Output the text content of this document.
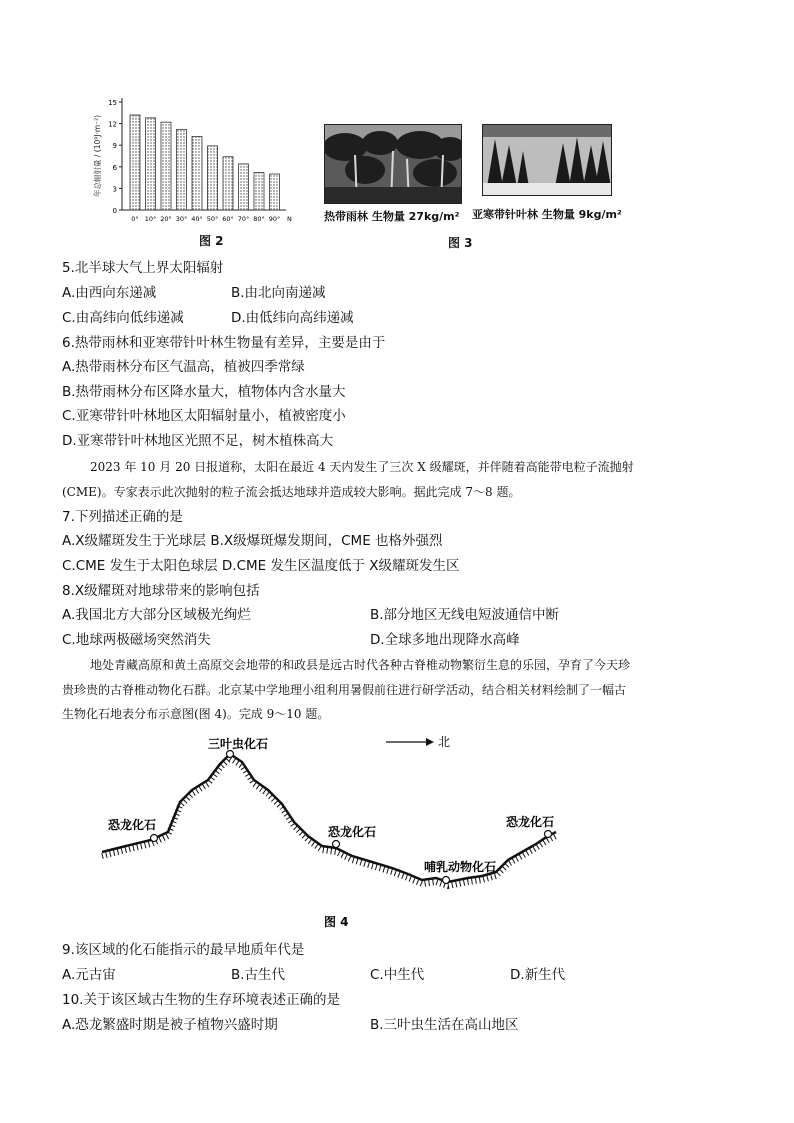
年总辐射量 / (10⁹J·m⁻²)
0
3
6
9
12
15
0° 10° 20° 30° 40° 50° 60° 70° 80° 90° N
图 2
热带雨林 生物量 27kg/m² 亚寒带针叶林 生物量 9kg/m²
图 3
5.北半球大气上界太阳辐射
A.由西向东递减	B.由北向南递减
C.由高纬向低纬递减	D.由低纬向高纬递减
6.热带雨林和亚寒带针叶林生物量有差异，主要是由于
A.热带雨林分布区气温高，植被四季常绿
B.热带雨林分布区降水量大，植物体内含水量大
C.亚寒带针叶林地区太阳辐射量小，植被密度小
D.亚寒带针叶林地区光照不足，树木植株高大
2023 年 10 月 20 日报道称，太阳在最近 4 天内发生了三次 X 级耀斑，并伴随着高能带电粒子流抛射
(CME)。专家表示此次抛射的粒子流会抵达地球并造成较大影响。据此完成 7～8 题。
7.下列描述正确的是
A.X级耀斑发生于光球层 B.X级爆斑爆发期间，CME 也格外强烈
C.CME 发生于太阳色球层 D.CME 发生区温度低于 X级耀斑发生区
8.X级耀斑对地球带来的影响包括
A.我国北方大部分区域极光绚烂	B.部分地区无线电短波通信中断
C.地球两极磁场突然消失	D.全球多地出现降水高峰
地处青藏高原和黄土高原交会地带的和政县是远古时代各种古脊椎动物繁衍生息的乐园，孕育了今天珍
贵珍贵的古脊椎动物化石群。北京某中学地理小组利用暑假前往进行研学活动，结合相关材料绘制了一幅古
生物化石地表分布示意图(图 4)。完成 9～10 题。
北
三叶虫化石
恐龙化石	恐龙化石
哺乳动物化石
恐龙化石
图 4
9.该区域的化石能指示的最早地质年代是
A.元古宙	B.古生代	C.中生代	D.新生代
10.关于该区域古生物的生存环境表述正确的是
A.恐龙繁盛时期是被子植物兴盛时期	B.三叶虫生活在高山地区
